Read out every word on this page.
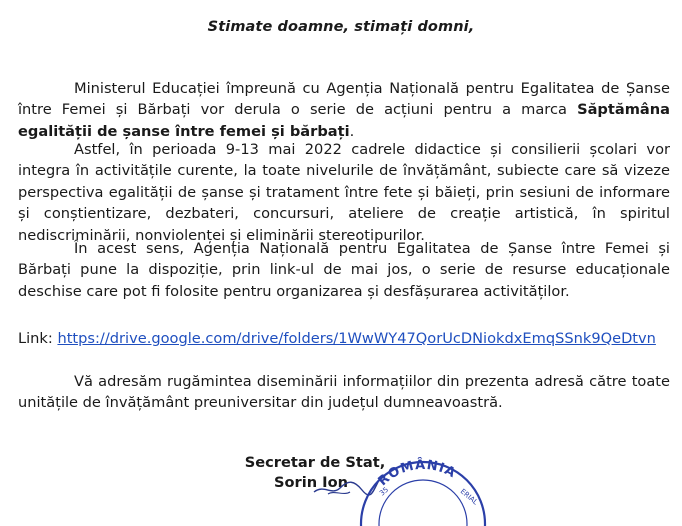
Stimate doamne, stimați domni,
Ministerul Educației împreună cu Agenția Națională pentru Egalitatea de Șanse între Femei și Bărbați vor derula o serie de acțiuni pentru a marca Săptămâna egalității de șanse între femei și bărbați.
Astfel, în perioada 9-13 mai 2022 cadrele didactice și consilierii școlari vor integra în activitățile curente, la toate nivelurile de învățământ, subiecte care să vizeze perspectiva egalității de șanse și tratament între fete și băieți, prin sesiuni de informare și conștientizare, dezbateri, concursuri, ateliere de creație artistică, în spiritul nediscriminării, nonviolenței și eliminării stereotipurilor.
În acest sens, Agenția Națională pentru Egalitatea de Șanse între Femei și Bărbați pune la dispoziție, prin link-ul de mai jos, o serie de resurse educaționale deschise care pot fi folosite pentru organizarea și desfășurarea activităților.
Link: https://drive.google.com/drive/folders/1WwWY47QorUcDNiokdxEmqSSnk9QeDtvn
Vă adresăm rugămintea diseminării informațiilor din prezenta adresă către toate unitățile de învățământ preuniversitar din județul dumneavoastră.
Secretar de Stat,
Sorin Ion	ROMÂNIA
35	ERIAL
